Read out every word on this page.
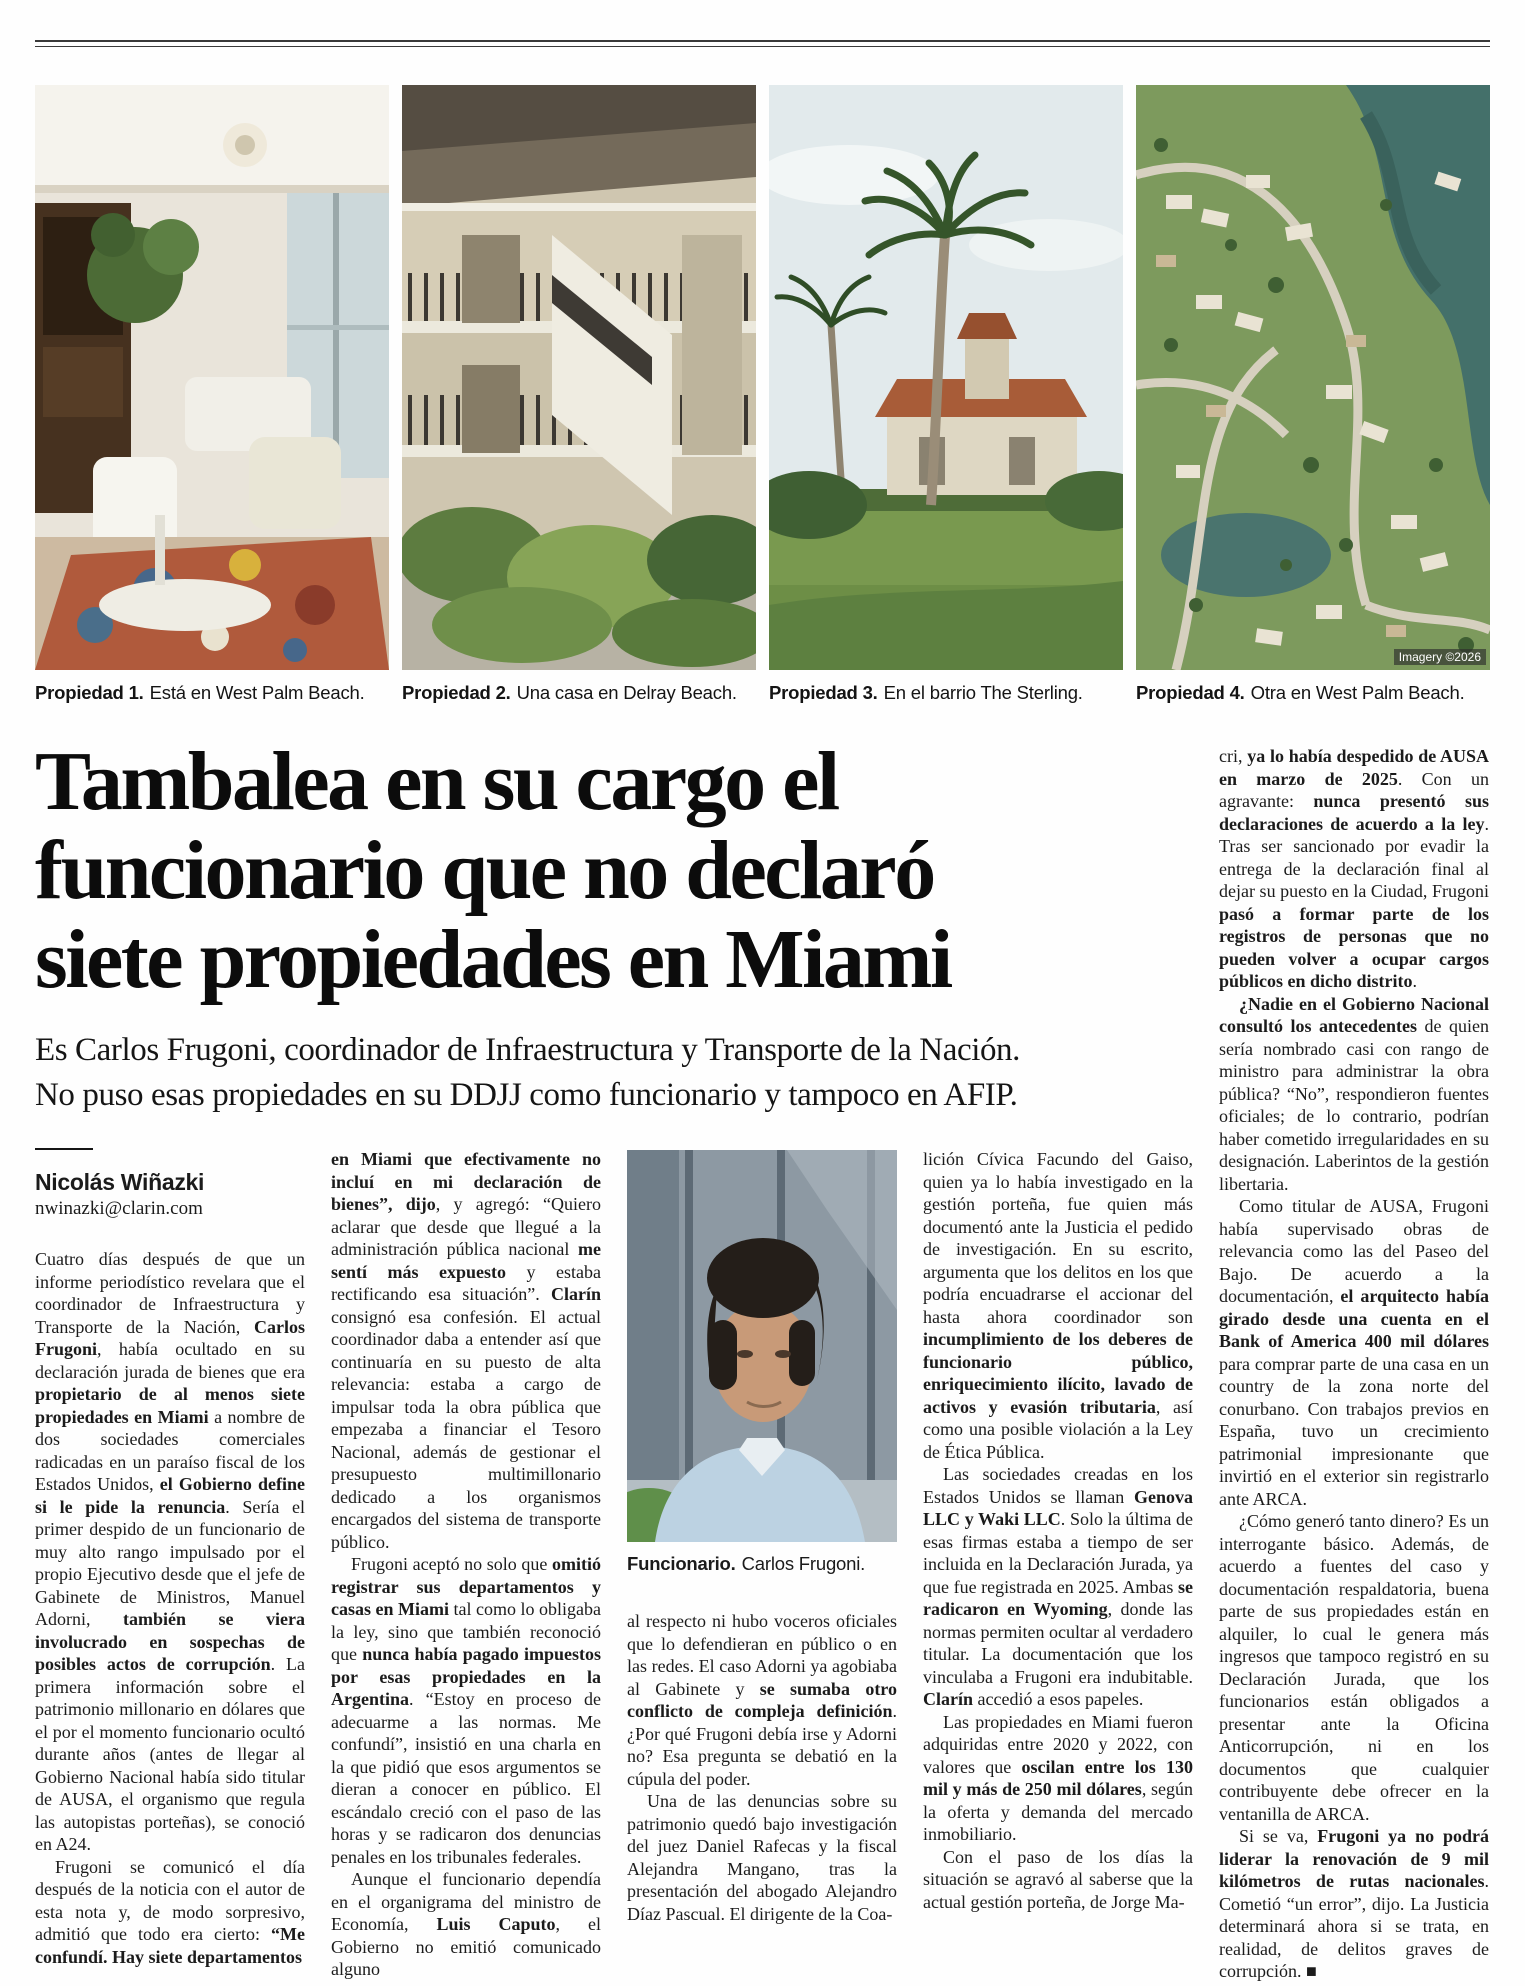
Propiedad 1. Está en West Palm Beach.	Propiedad 2. Una casa en Delray Beach.	Propiedad 3. En el barrio The Sterling.
Imagery ©2026
Propiedad 4. Otra en West Palm Beach.
Tambalea en su cargo el
funcionario que no declaró
siete propiedades en Miami
Es Carlos Frugoni, coordinador de Infraestructura y Transporte de la Nación.
No puso esas propiedades en su DDJJ como funcionario y tampoco en AFIP.
Nicolás Wiñazki
nwinazki@clarin.com

Cuatro días después de que un informe periodístico revelara que el coordinador de Infraestructura y Transporte de la Nación, Carlos Frugoni, había ocultado en su declaración jurada de bienes que era propietario de al menos siete propiedades en Miami a nombre de dos sociedades comerciales radicadas en un paraíso fiscal de los Estados Unidos, el Gobierno define si le pide la renuncia. Sería el primer despido de un funcionario de muy alto rango impulsado por el propio Ejecutivo desde que el jefe de Gabinete de Ministros, Manuel Adorni, también se viera involucrado en sospechas de posibles actos de corrupción. La primera información sobre el patrimonio millonario en dólares que el por el momento funcionario ocultó durante años (antes de llegar al Gobierno Nacional había sido titular de AUSA, el organismo que regula las autopistas porteñas), se conoció en A24.

Frugoni se comunicó el día después de la noticia con el autor de esta nota y, de modo sorpresivo, admitió que todo era cierto: “Me confundí. Hay siete departamentos

en Miami que efectivamente no incluí en mi declaración de bienes”, dijo, y agregó: “Quiero aclarar que desde que llegué a la administración pública nacional me sentí más expuesto y estaba rectificando esa situación”. Clarín consignó esa confesión. El actual coordinador daba a entender así que continuaría en su puesto de alta relevancia: estaba a cargo de impulsar toda la obra pública que empezaba a financiar el Tesoro Nacional, además de gestionar el presupuesto multimillonario dedicado a los organismos encargados del sistema de transporte público.

Frugoni aceptó no solo que omitió registrar sus departamentos y casas en Miami tal como lo obligaba la ley, sino que también reconoció que nunca había pagado impuestos por esas propiedades en la Argentina. “Estoy en proceso de adecuarme a las normas. Me confundí”, insistió en una charla en la que pidió que esos argumentos se dieran a conocer en público. El escándalo creció con el paso de las horas y se radicaron dos denuncias penales en los tribunales federales.

Aunque el funcionario dependía en el organigrama del ministro de Economía, Luis Caputo, el Gobierno no emitió comunicado alguno

Funcionario. Carlos Frugoni.

al respecto ni hubo voceros oficiales que lo defendieran en público o en las redes. El caso Adorni ya agobiaba al Gabinete y se sumaba otro conflicto de compleja definición. ¿Por qué Frugoni debía irse y Adorni no? Esa pregunta se debatió en la cúpula del poder.

Una de las denuncias sobre su patrimonio quedó bajo investigación del juez Daniel Rafecas y la fiscal Alejandra Mangano, tras la presentación del abogado Alejandro Díaz Pascual. El dirigente de la Coa-

lición Cívica Facundo del Gaiso, quien ya lo había investigado en la gestión porteña, fue quien más documentó ante la Justicia el pedido de investigación. En su escrito, argumenta que los delitos en los que podría encuadrarse el accionar del hasta ahora coordinador son incumplimiento de los deberes de funcionario público, enriquecimiento ilícito, lavado de activos y evasión tributaria, así como una posible violación a la Ley de Ética Pública.

Las sociedades creadas en los Estados Unidos se llaman Genova LLC y Waki LLC. Solo la última de esas firmas estaba a tiempo de ser incluida en la Declaración Jurada, ya que fue registrada en 2025. Ambas se radicaron en Wyoming, donde las normas permiten ocultar al verdadero titular. La documentación que los vinculaba a Frugoni era indubitable. Clarín accedió a esos papeles.

Las propiedades en Miami fueron adquiridas entre 2020 y 2022, con valores que oscilan entre los 130 mil y más de 250 mil dólares, según la oferta y demanda del mercado inmobiliario.

Con el paso de los días la situación se agravó al saberse que la actual gestión porteña, de Jorge Ma-

cri, ya lo había despedido de AUSA en marzo de 2025. Con un agravante: nunca presentó sus declaraciones de acuerdo a la ley. Tras ser sancionado por evadir la entrega de la declaración final al dejar su puesto en la Ciudad, Frugoni pasó a formar parte de los registros de personas que no pueden volver a ocupar cargos públicos en dicho distrito.

¿Nadie en el Gobierno Nacional consultó los antecedentes de quien sería nombrado casi con rango de ministro para administrar la obra pública? “No”, respondieron fuentes oficiales; de lo contrario, podrían haber cometido irregularidades en su designación. Laberintos de la gestión libertaria.

Como titular de AUSA, Frugoni había supervisado obras de relevancia como las del Paseo del Bajo. De acuerdo a la documentación, el arquitecto había girado desde una cuenta en el Bank of America 400 mil dólares para comprar parte de una casa en un country de la zona norte del conurbano. Con trabajos previos en España, tuvo un crecimiento patrimonial impresionante que invirtió en el exterior sin registrarlo ante ARCA.

¿Cómo generó tanto dinero? Es un interrogante básico. Además, de acuerdo a fuentes del caso y documentación respaldatoria, buena parte de sus propiedades están en alquiler, lo cual le genera más ingresos que tampoco registró en su Declaración Jurada, que los funcionarios están obligados a presentar ante la Oficina Anticorrupción, ni en los documentos que cualquier contribuyente debe ofrecer en la ventanilla de ARCA.

Si se va, Frugoni ya no podrá liderar la renovación de 9 mil kilómetros de rutas nacionales. Cometió “un error”, dijo. La Justicia determinará ahora si se trata, en realidad, de delitos graves de corrupción. ■
